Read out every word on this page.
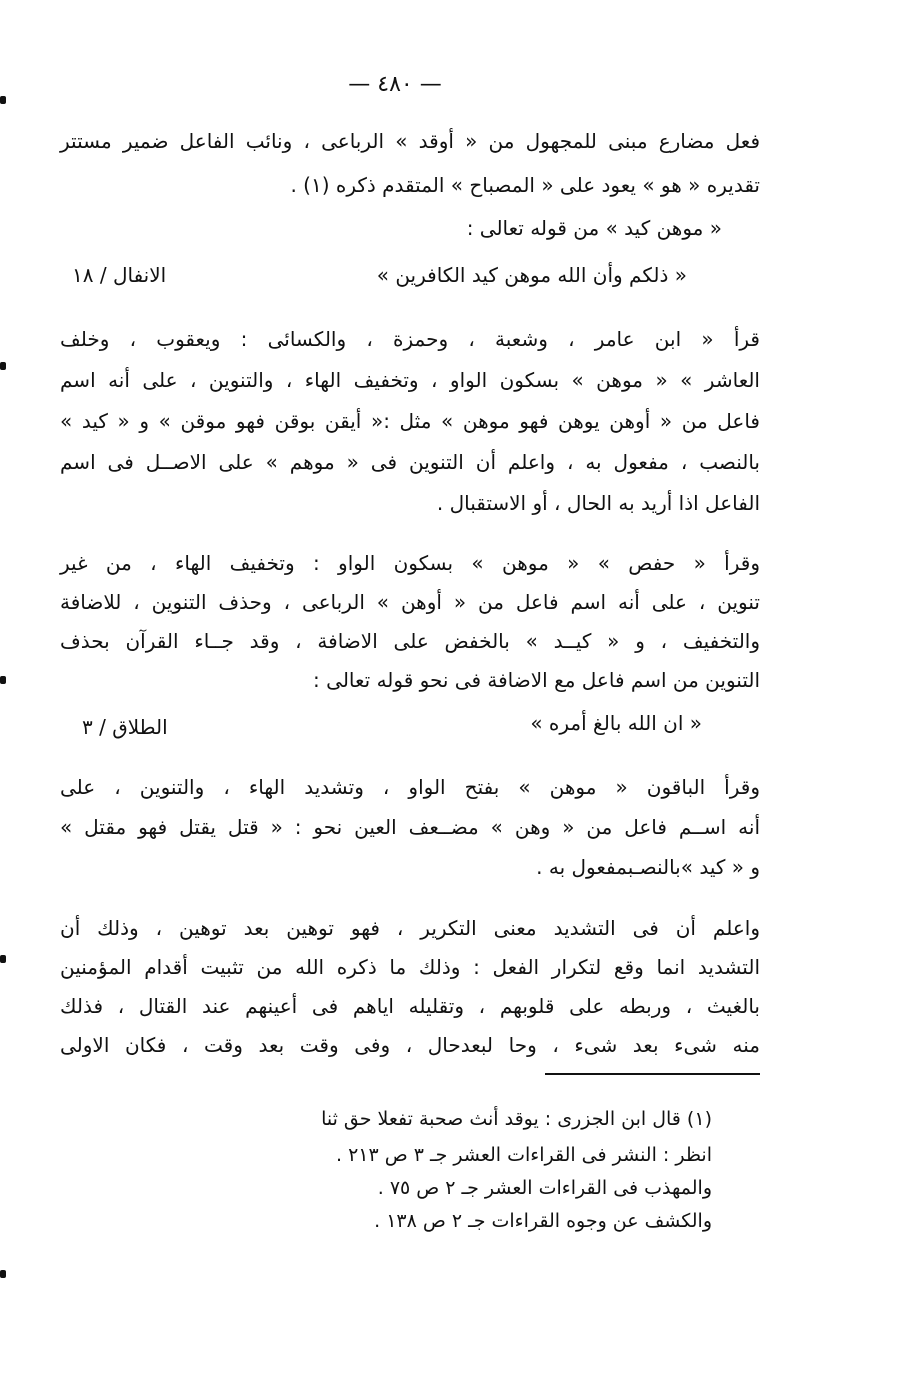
— ٤٨٠ —
فعل مضارع مبنى للمجهول من « أوقد » الرباعى ، ونائب الفاعل ضمير مستتر
تقديره « هو » يعود على « المصباح » المتقدم ذكره (١) .
« موهن كيد » من قوله تعالى :
« ذلكم وأن الله موهن كيد الكافرين »
الانفال / ١٨
قرأ « ابن عامر ، وشعبة ، وحمزة ، والكسائى : ويعقوب ، وخلف
العاشر » « موهن » بسكون الواو ، وتخفيف الهاء ، والتنوين ، على أنه اسم
فاعل من « أوهن يوهن فهو موهن » مثل :« أيقن بوقن فهو موقن » و « كيد »
بالنصب ، مفعول به ، واعلم أن التنوين فى « موهم » على الاصــل فى اسم
الفاعل اذا أريد به الحال ، أو الاستقبال .
وقرأ « حفص » « موهن » بسكون الواو : وتخفيف الهاء ، من غير
تنوين ، على أنه اسم فاعل من « أوهن » الرباعى ، وحذف التنوين ، للاضافة
والتخفيف ، و « كيــد » بالخفض على الاضافة ، وقد جــاء القرآن بحذف
التنوين من اسم فاعل مع الاضافة فى نحو قوله تعالى :
« ان الله بالغ أمره »
الطلاق / ٣
وقرأ الباقون « موهن » بفتح الواو ، وتشديد الهاء ، والتنوين ، على
أنه اســم فاعل من « وهن » مضــعف العين نحو : « قتل يقتل فهو مقتل »
و « كيد »بالنصـبمفعول به .
واعلم أن فى التشديد معنى التكرير ، فهو توهين بعد توهين ، وذلك أن
التشديد انما وقع لتكرار الفعل : وذلك ما ذكره الله من تثبيت أقدام المؤمنين
بالغيث ، وربطه على قلوبهم ، وتقليله اياهم فى أعينهم عند القتال ، فذلك
منه شىء بعد شىء ، وحا لبعدحال ، وفى وقت بعد وقت ، فكان الاولى
(١) قال ابن الجزرى : يوقد أنث صحبة تفعلا حق ثنا
انظر : النشر فى القراءات العشر جـ ٣ ص ٢١٣ .
والمهذب فى القراءات العشر جـ ٢ ص ٧٥ .
والكشف عن وجوه القراءات جـ ٢ ص ١٣٨ .
